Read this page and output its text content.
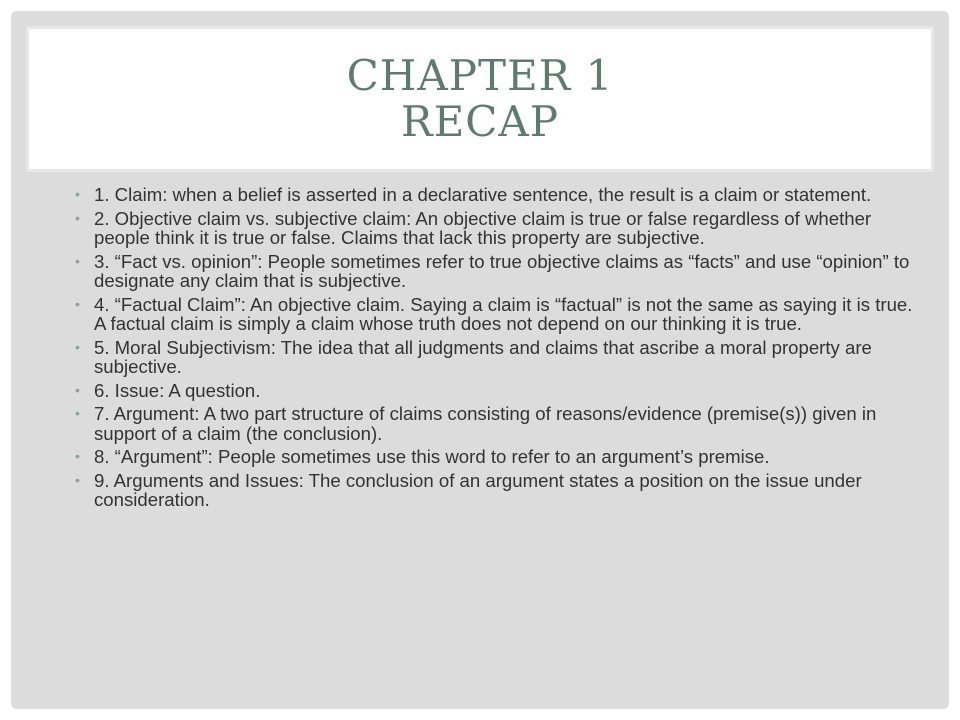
CHAPTER 1
RECAP
• 1. Claim: when a belief is asserted in a declarative sentence, the result is a claim or statement.
• 2. Objective claim vs. subjective claim: An objective claim is true or false regardless of whether people think it is true or false. Claims that lack this property are subjective.
• 3. “Fact vs. opinion”: People sometimes refer to true objective claims as “facts” and use “opinion” to designate any claim that is subjective.
• 4. “Factual Claim”: An objective claim. Saying a claim is “factual” is not the same as saying it is true. A factual claim is simply a claim whose truth does not depend on our thinking it is true.
• 5. Moral Subjectivism: The idea that all judgments and claims that ascribe a moral property are subjective.
• 6. Issue: A question.
• 7. Argument: A two part structure of claims consisting of reasons/evidence (premise(s)) given in support of a claim (the conclusion).
• 8. “Argument”: People sometimes use this word to refer to an argument’s premise.
• 9. Arguments and Issues: The conclusion of an argument states a position on the issue under consideration.
